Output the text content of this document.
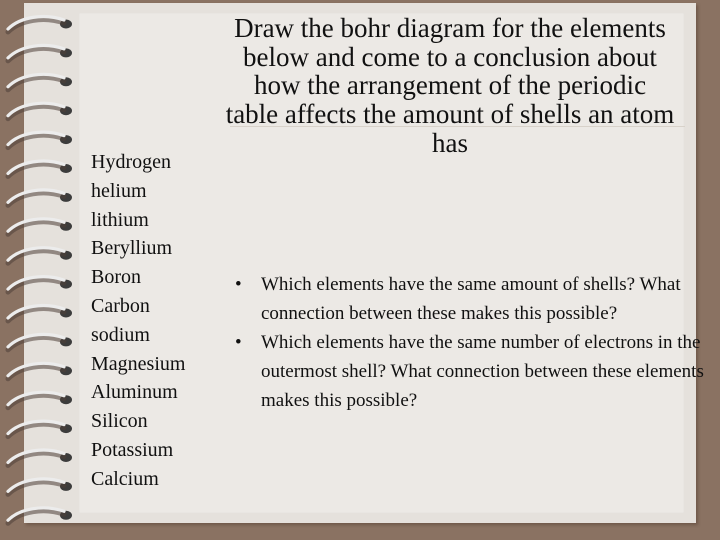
Draw the bohr diagram for the elements below and come to a conclusion about how the arrangement of the periodic table affects the amount of shells an atom has
Hydrogen
helium
lithium
Beryllium
Boron
Carbon
sodium
Magnesium
Aluminum
Silicon
Potassium
Calcium
• Which elements have the same amount of shells? What connection between these makes this possible?
• Which elements have the same number of electrons in the outermost shell? What connection between these elements makes this possible?
